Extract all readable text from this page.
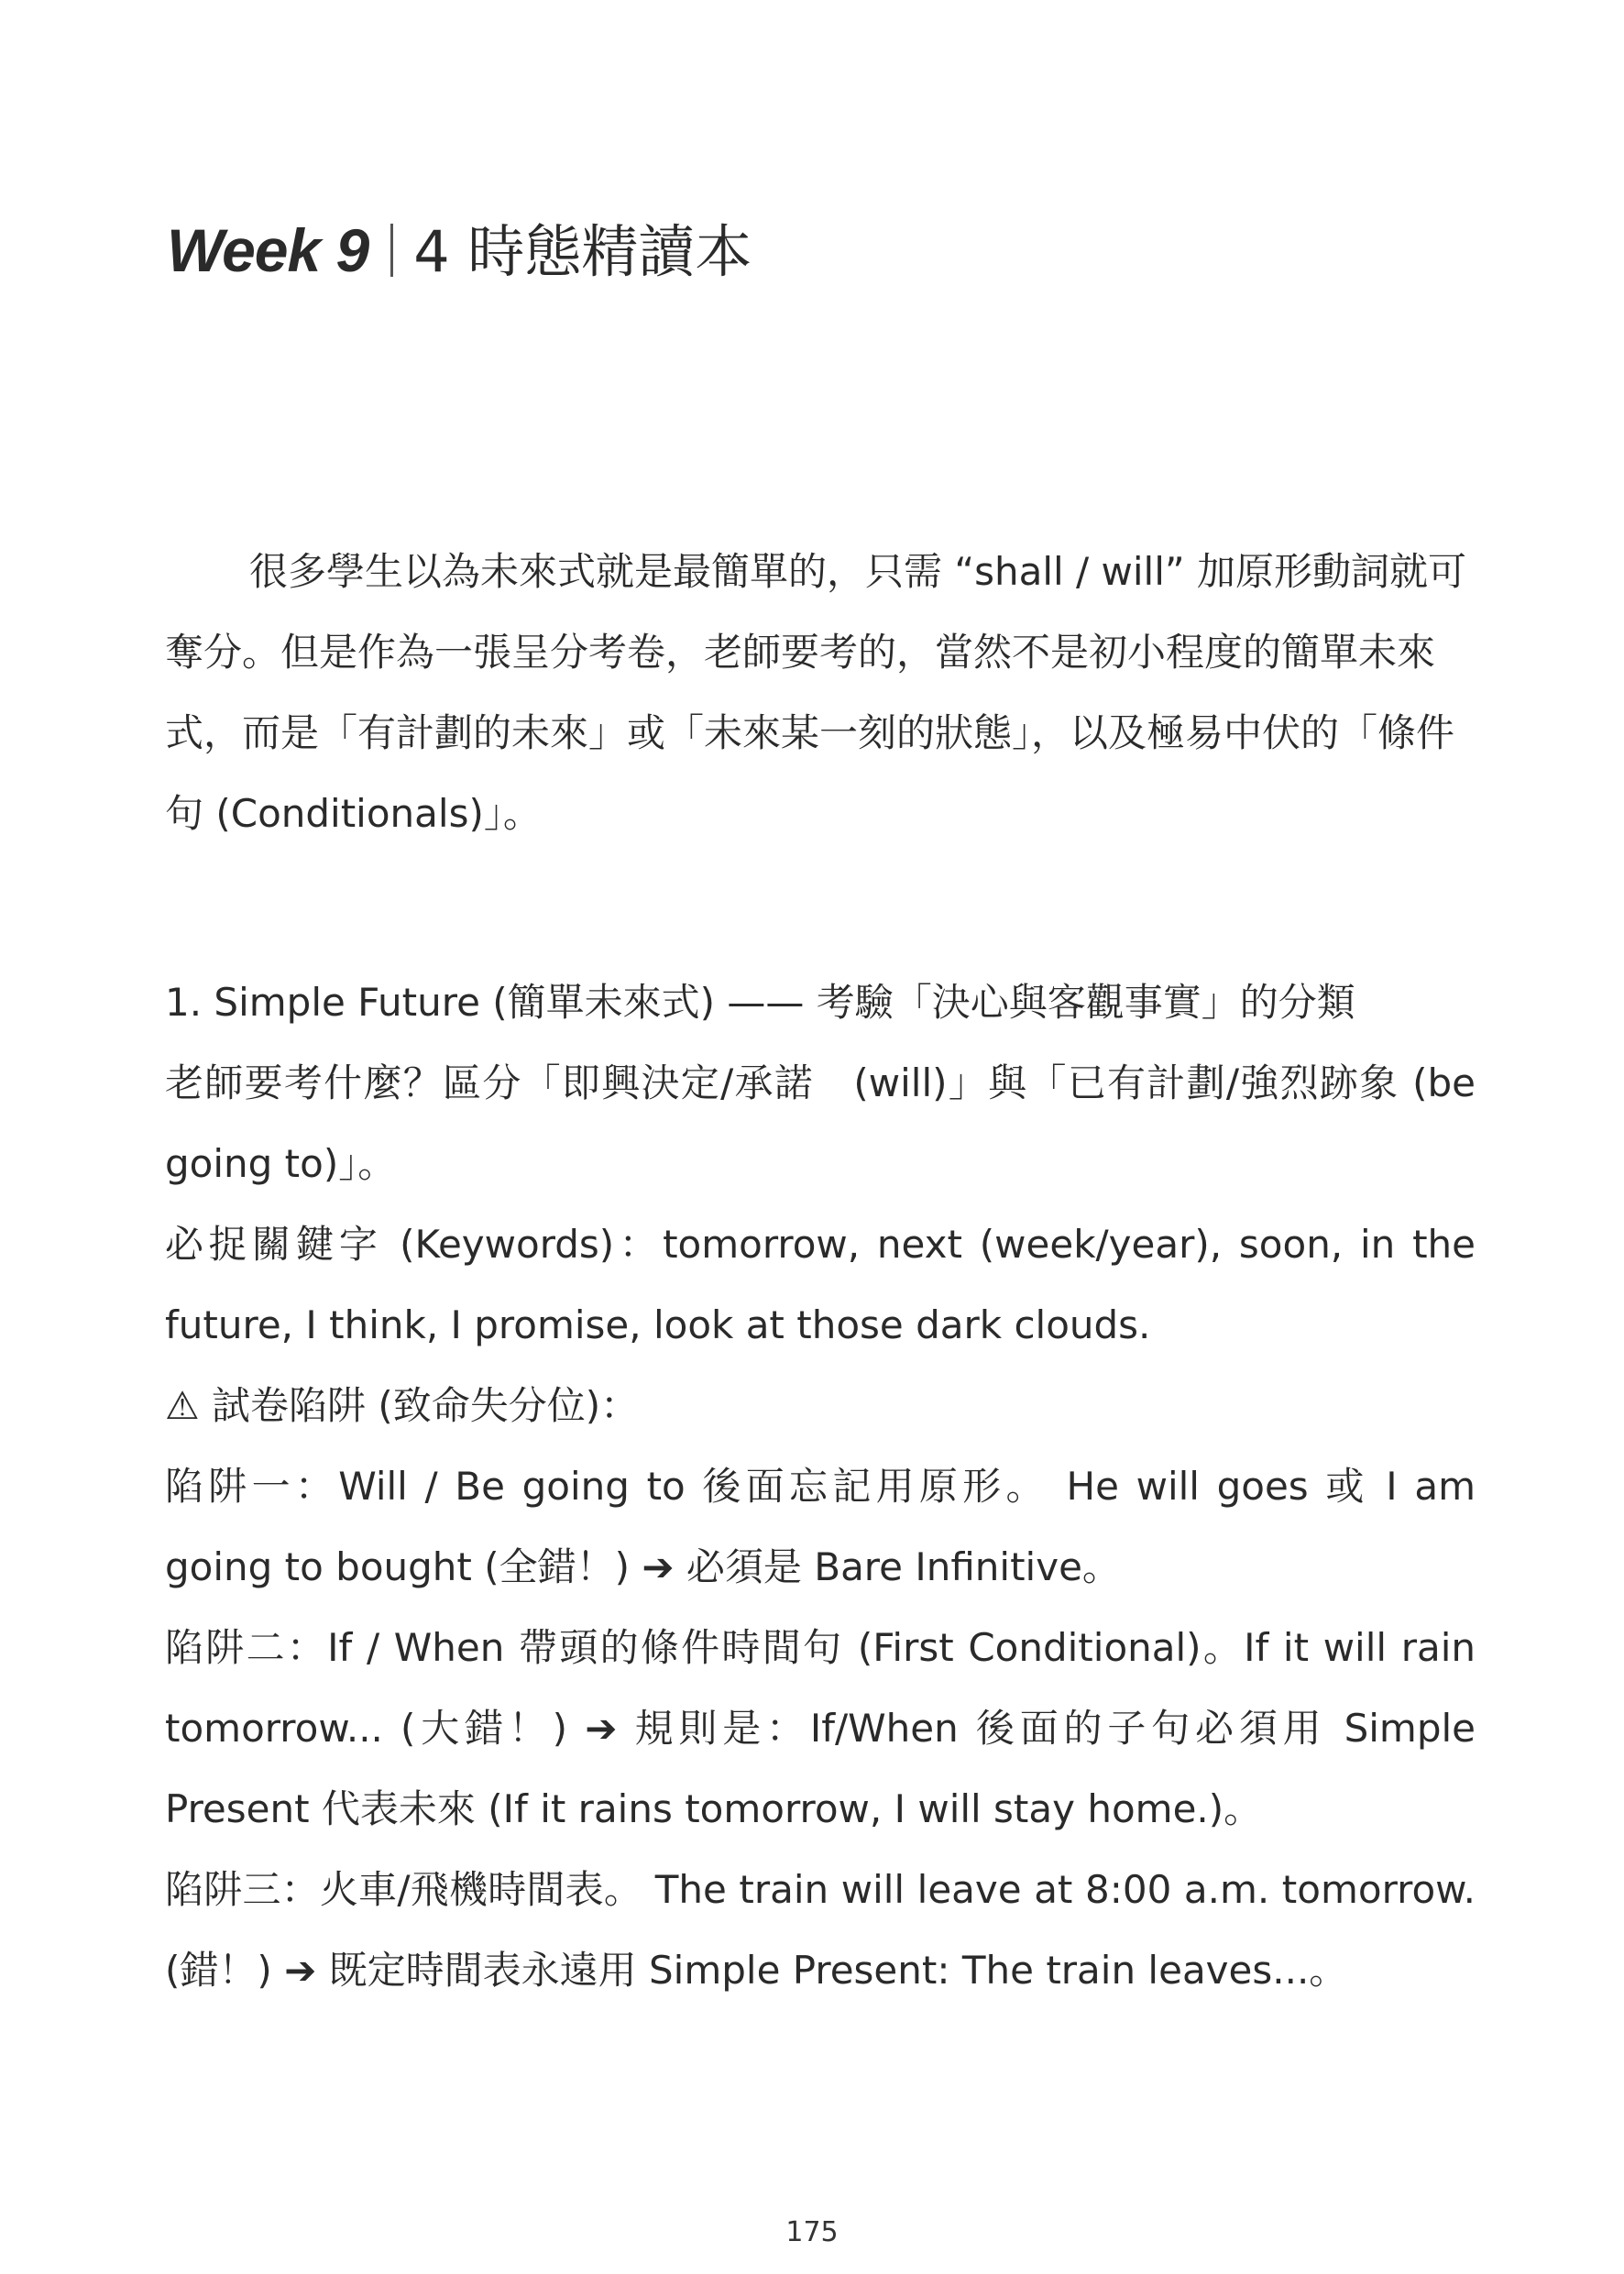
Week 9 4 時態精讀本

很多學生以為未來式就是最簡單的，只需 “shall / will” 加原形動詞就可奪分。但是作為一張呈分考卷，老師要考的，當然不是初小程度的簡單未來式，而是「有計劃的未來」或「未來某一刻的狀態」，以及極易中伏的「條件句 (Conditionals)」。

1. Simple Future (簡單未來式) —— 考驗「決心與客觀事實」的分類

老師要考什麼？區分「即興決定/承諾　(will)」與「已有計劃/強烈跡象 (be going to)」。

必捉關鍵字 (Keywords)：tomorrow, next (week/year), soon, in the future, I think, I promise, look at those dark clouds.

⚠ 試卷陷阱 (致命失分位)：

陷阱一：Will / Be going to 後面忘記用原形。 He will goes 或 I am going to bought (全錯！) ➔ 必須是 Bare Infinitive。

陷阱二：If / When 帶頭的條件時間句 (First Conditional)。If it will rain tomorrow... (大錯！) ➔ 規則是：If/When 後面的子句必須用 Simple Present 代表未來 (If it rains tomorrow, I will stay home.)。

陷阱三：火車/飛機時間表。 The train will leave at 8:00 a.m. tomorrow. (錯！) ➔ 既定時間表永遠用 Simple Present: The train leaves...。

175
